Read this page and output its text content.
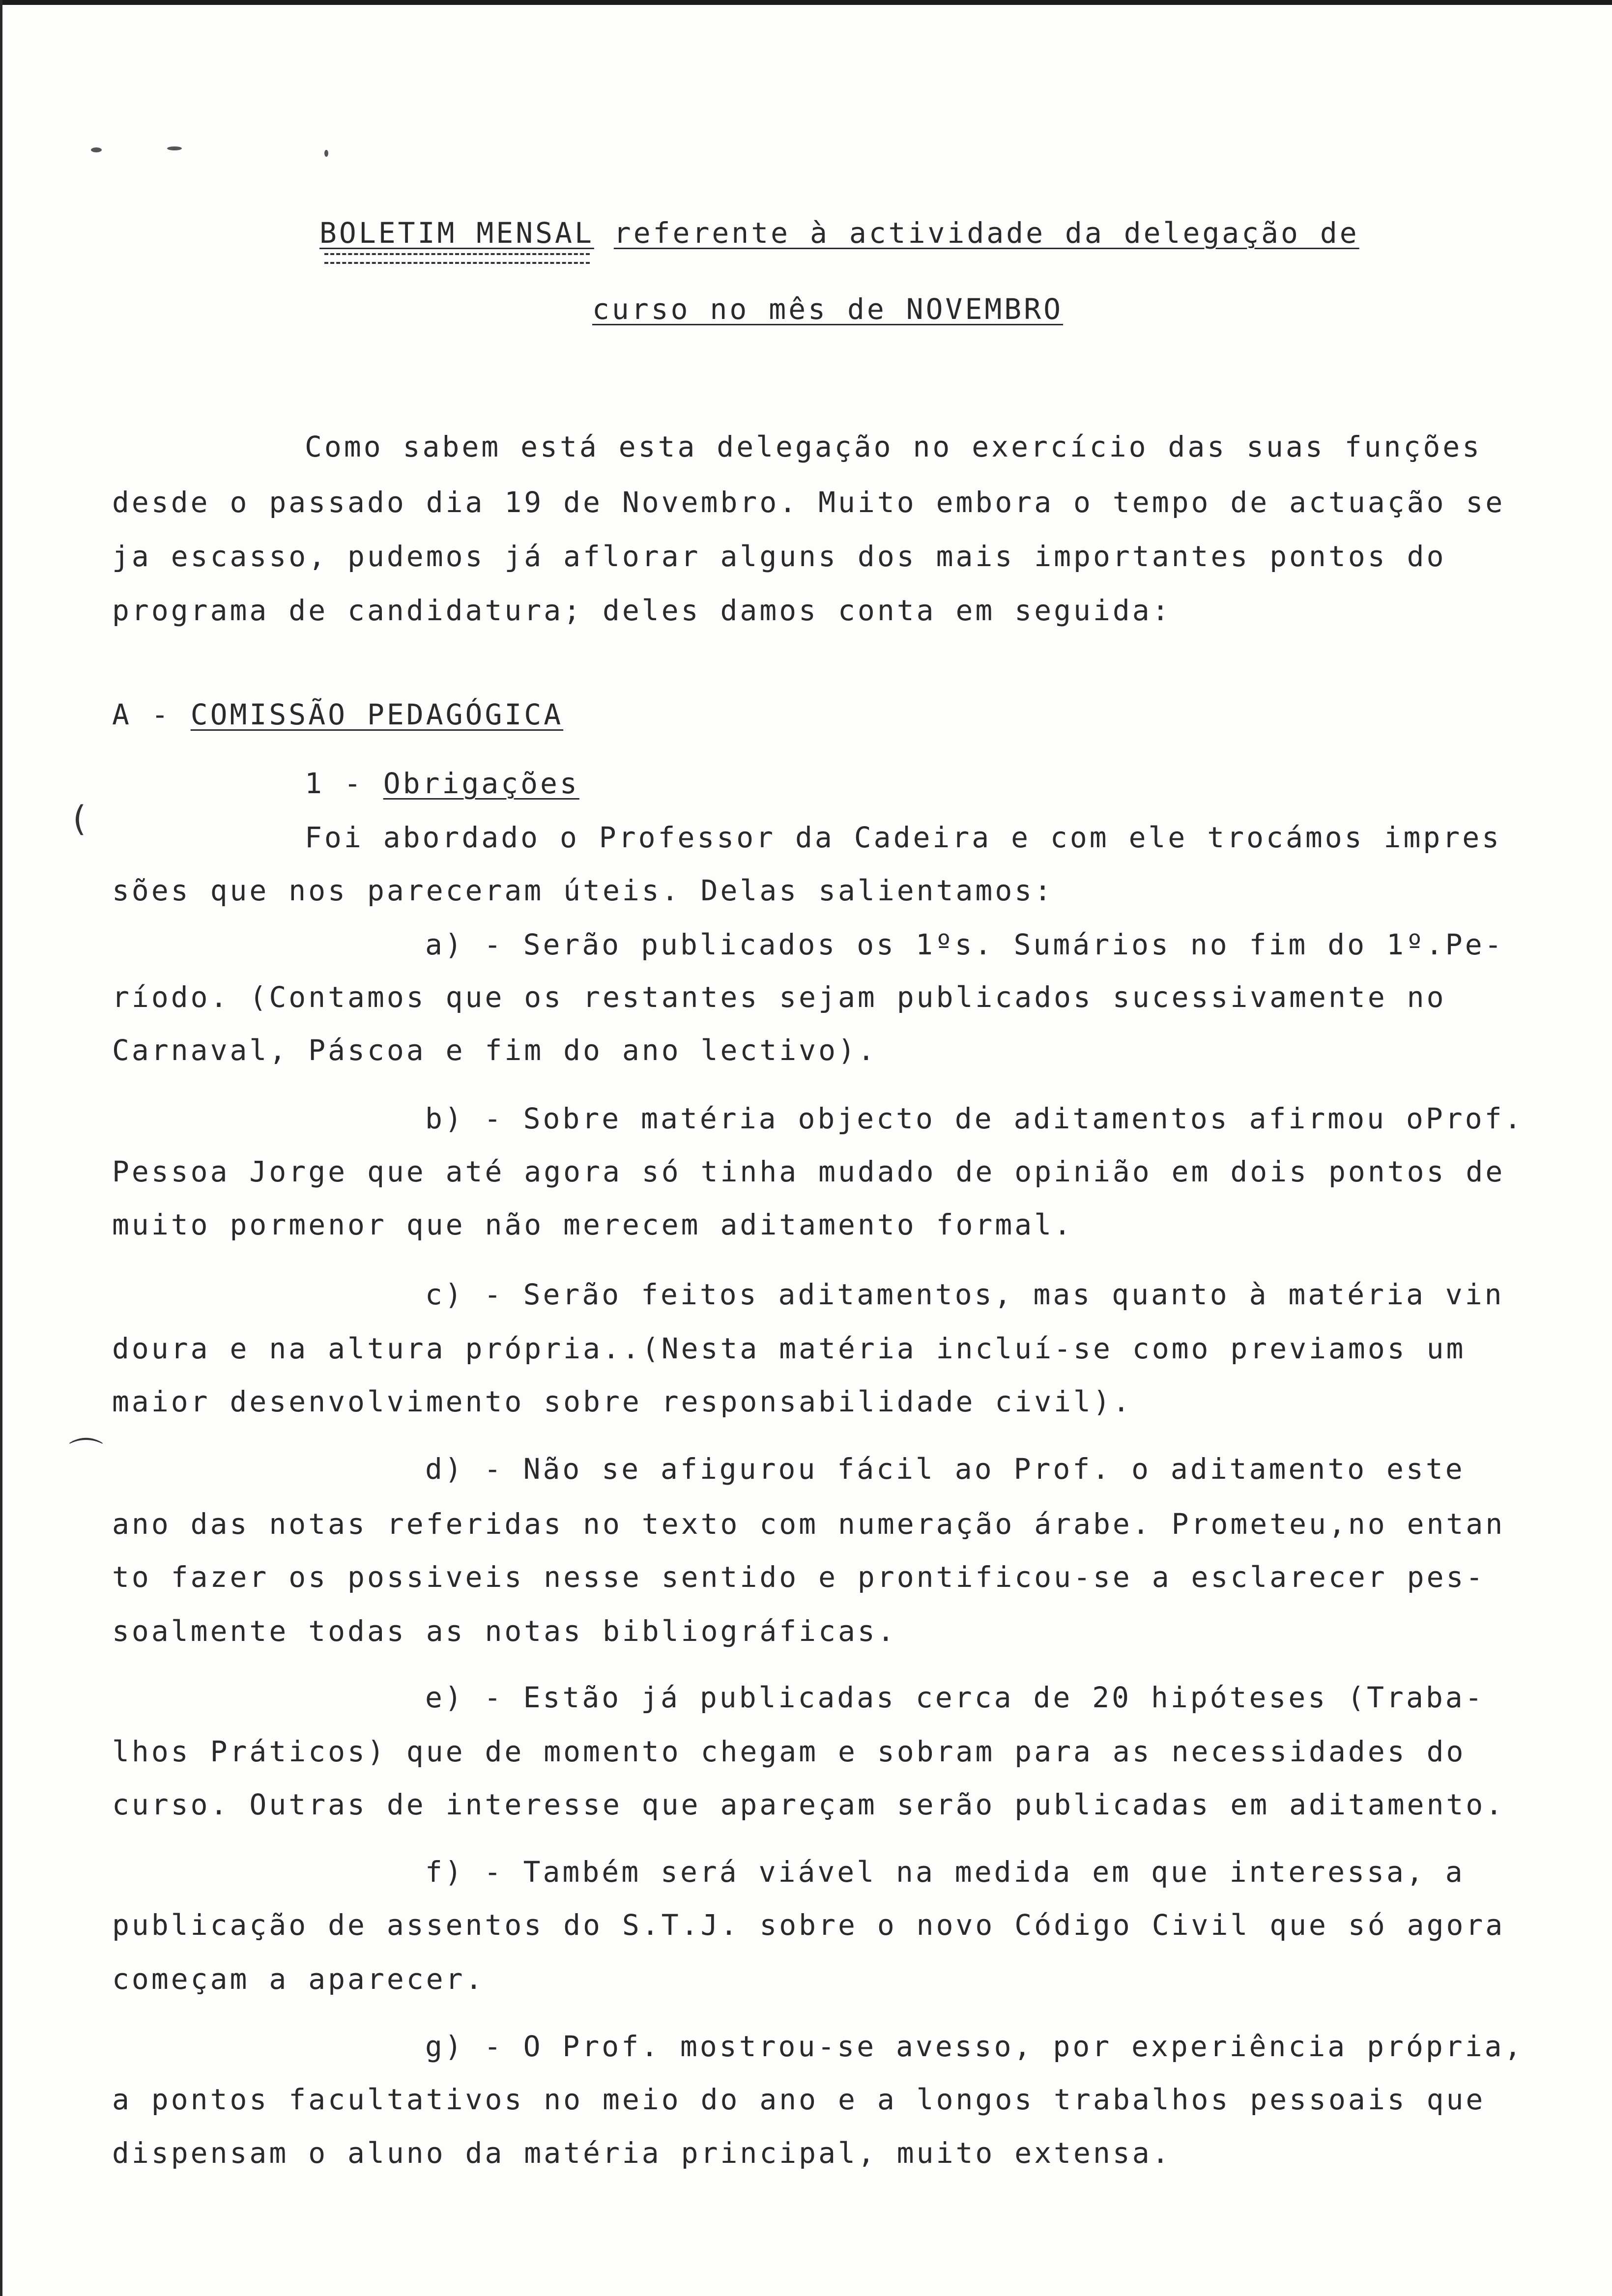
(
⌒
BOLETIM MENSAL referente à actividade da delegação de
curso no mês de NOVEMBRO
Como sabem está esta delegação no exercício das suas funções
desde o passado dia 19 de Novembro. Muito embora o tempo de actuação se
ja escasso, pudemos já aflorar alguns dos mais importantes pontos do
programa de candidatura; deles damos conta em seguida:
A - COMISSÃO PEDAGÓGICA
1 - Obrigações
Foi abordado o Professor da Cadeira e com ele trocámos impres
sões que nos pareceram úteis. Delas salientamos:
a) - Serão publicados os 1ºs. Sumários no fim do 1º.Pe-
ríodo. (Contamos que os restantes sejam publicados sucessivamente no
Carnaval, Páscoa e fim do ano lectivo).
b) - Sobre matéria objecto de aditamentos afirmou oProf.
Pessoa Jorge que até agora só tinha mudado de opinião em dois pontos de
muito pormenor que não merecem aditamento formal.
c) - Serão feitos aditamentos, mas quanto à matéria vin
doura e na altura própria..(Nesta matéria incluí-se como previamos um
maior desenvolvimento sobre responsabilidade civil).
d) - Não se afigurou fácil ao Prof. o aditamento este
ano das notas referidas no texto com numeração árabe. Prometeu,no entan
to fazer os possiveis nesse sentido e prontificou-se a esclarecer pes-
soalmente todas as notas bibliográficas.
e) - Estão já publicadas cerca de 20 hipóteses (Traba-
lhos Práticos) que de momento chegam e sobram para as necessidades do
curso. Outras de interesse que apareçam serão publicadas em aditamento.
f) - Também será viável na medida em que interessa, a
publicação de assentos do S.T.J. sobre o novo Código Civil que só agora
começam a aparecer.
g) - O Prof. mostrou-se avesso, por experiência própria,
a pontos facultativos no meio do ano e a longos trabalhos pessoais que
dispensam o aluno da matéria principal, muito extensa.
